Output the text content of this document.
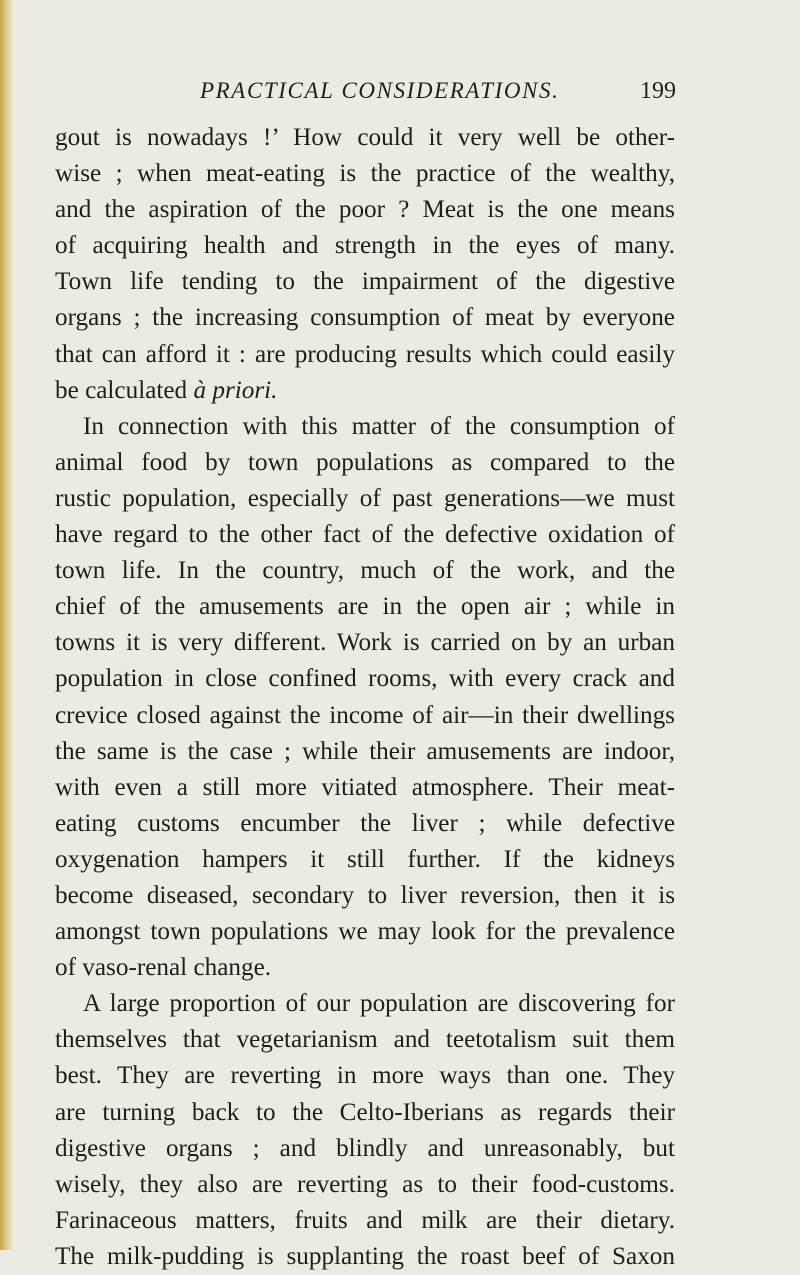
PRACTICAL CONSIDERATIONS.	199
gout is nowadays !’ How could it very well be other-
wise ; when meat-eating is the practice of the wealthy,
and the aspiration of the poor ? Meat is the one means
of acquiring health and strength in the eyes of many.
Town life tending to the impairment of the digestive
organs ; the increasing consumption of meat by everyone
that can afford it : are producing results which could easily
be calculated à priori.
In connection with this matter of the consumption of
animal food by town populations as compared to the
rustic population, especially of past generations—we must
have regard to the other fact of the defective oxidation of
town life. In the country, much of the work, and the
chief of the amusements are in the open air ; while in
towns it is very different. Work is carried on by an urban
population in close confined rooms, with every crack and
crevice closed against the income of air—in their dwellings
the same is the case ; while their amusements are indoor,
with even a still more vitiated atmosphere. Their meat-
eating customs encumber the liver ; while defective
oxygenation hampers it still further. If the kidneys
become diseased, secondary to liver reversion, then it is
amongst town populations we may look for the prevalence
of vaso-renal change.
A large proportion of our population are discovering for
themselves that vegetarianism and teetotalism suit them
best. They are reverting in more ways than one. They
are turning back to the Celto-Iberians as regards their
digestive organs ; and blindly and unreasonably, but
wisely, they also are reverting as to their food-customs.
Farinaceous matters, fruits and milk are their dietary.
The milk-pudding is supplanting the roast beef of Saxon
